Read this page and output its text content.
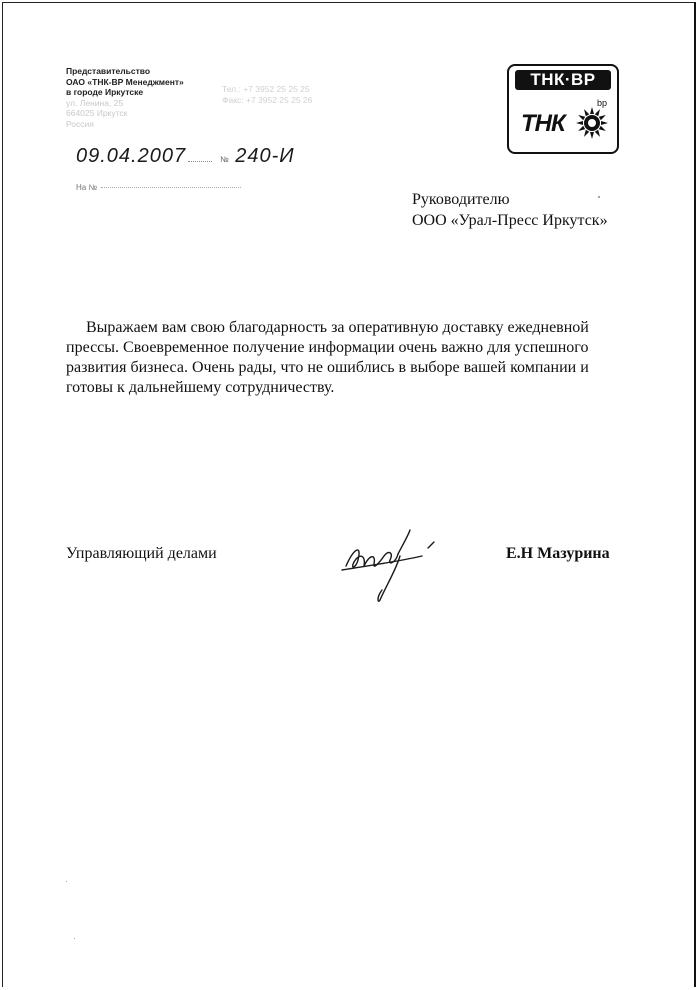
Представительство
ОАО «ТНК-ВР Менеджмент»
в городе Иркутске
ул. Ленина, 25
664025 Иркутск
Россия
Тел.: +7 3952 25 25 25
Факс: +7 3952 25 25 26
ТНК·ВР
bp
ТНК
09.04.2007	№ 240-И
На №
Руководителю
ООО «Урал-Пресс Иркутск»

Выражаем вам свою благодарность за оперативную доставку ежедневной прессы. Своевременное получение информации очень важно для успешного развития бизнеса. Очень рады, что не ошиблись в выборе вашей компании и готовы к дальнейшему сотрудничеству.

Управляющий делами	Е.Н Мазурина
